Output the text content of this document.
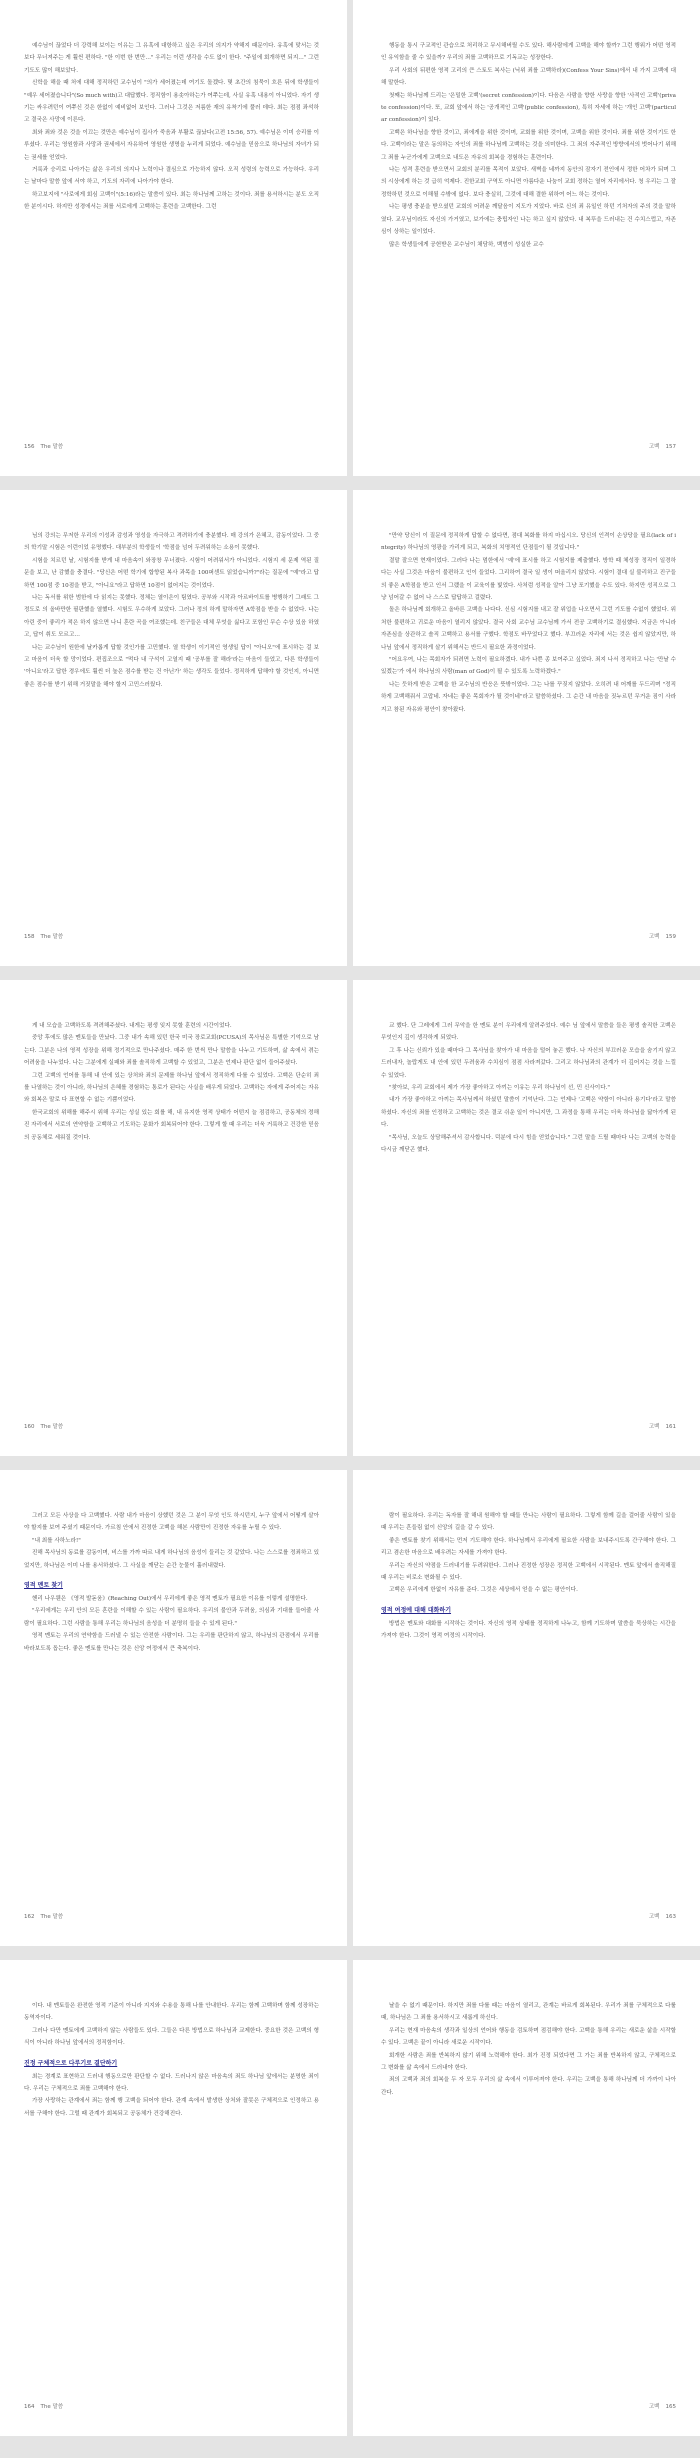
예수님이 끊었다 더 강력해 보이는 이유는 그 유혹에 대항하고 싶은 우리의 의지가 약해지 때문이다. 유혹에 맞서는 것보다 무너져주는 게 훨씬 편하다. "한 이번 한 번만…" 우리는 이런 생각을 수도 없이 한다. "주일에 회개하면 되지…" 그런 기도도 많이 해보았다.

신학을 해을 때 처에 대해 정직하던 교수님이 "의가 세어졌는데 여기도 돌겠다. 몇 초간의 침묵이 흐른 뒤에 학생들이 "예우 세어졌습니다"(So much with)고 대답했다. 정직함이 용솟아하는가 여쭈는데, 사실 유혹 내용이 아니었다. 자기 생기는 싸우려던이 여쭈신 것은 한없이 예비없어 보인다. 그러나 그것은 저름한 재의 유착기에 풀러 데다. 최는 점점 좌석하고 결국은 사망에 이른다.

최와 죄와 것은 것을 이끄는 것만은 예수님이 집사가 죽음과 부활로 끊났다(고전 15:56, 57). 예수님은 이미 승리를 이루셨다. 우리는 영원함과 사망과 권세에서 자유하여 영원한 생명을 누리게 되었다. 예수님을 믿음으로 하나님의 자녀가 되는 권세를 얻었다.

거룩과 승리로 나아가는 삶은 우리의 의지나 노력이나 결심으로 가능하지 않다. 오직 성령의 능력으로 가능하다. 우리는 날마다 말씀 앞에 서야 하고, 기도의 자리에 나아가야 한다.

하고보지에 "사로에게 회심 고백이"(5:16)라는 말씀이 있다. 최는 하나님께 고하는 것이다. 죄를 용서하시는 분도 오직 한 분이시다. 하지만 성경에서는 죄를 서로에게 고백하는 훈련을 고백한다. 그런

156 The 말씀

행동을 통시 구교적인 관습으로 처리하고 무시해버릴 수도 있다. 해사람에게 고백을 해야 할까? 그런 행위가 어떤 영적인 유익함을 줄 수 있을까? 우리의 죄를 고백하므로 기독교는 성장한다.

우리 사회의 뒤편한 영적 고리의 큰 스토도 복사는 (닉위 죄를 고백하라)(Confess Your Sins)에서 내 가지 고백에 대해 말한다.

첫째는 하나님께 드리는 '은밀한 고백'(secret confession)이다. 다음은 사람을 향한 사랑을 향한 '사적인 고백'(private confession)이다. 또, 교회 앞에서 하는 '공개적인 고백'(public confession), 특히 자세에 하는 '개인 고백'(particular confession)이 있다.

고백은 하나님을 향한 것이고, 죄에게을 위한 것이며, 교회를 위한 것이며, 고백을 위한 것이다. 죄를 위한 것이기도 한다. 고백이라는 말은 동의하는 자인의 죄를 하나님께 고백하는 것을 의미한다. 그 죄의 자주적인 방향에서의 벗어나기 위해 그 죄를 누군가에게 고백으로 내도은 자유의 회복을 경험하는 훈련이다.

나는 성격 훈련을 받으면서 교회의 분리를 목적이 보았다. 새벽을 네까지 동안의 잠자기 전인에서 정한 어차가 되며 그의 시상에게 하는 것 급히 억제다. 진한교회 구역도 아니면 아름다운 나눔이 교회 정하는 열어 자리에서다. 청 우리는 그 잘 정학하던 것으로 이해될 수밖에 없다. 보다 충실히, 그것에 대해 결한 위하여 어느 하는 것이다.

나는 평생 충분을 받으셨던 교회의 어려운 깨달음이 지도가 지었다. 바로 신의 죄 유일인 하던 기처자의 주의 것을 말하였다. 교우님이라도 자신의 가거였고, 보가에는 충립자인 나는 하고 싶지 않았다. 내 복뚜을 드러내는 건 수치스럽고, 자존심이 상하는 일이었다.

많은 학생들에게 공헌받은 교수님이 채담하, 백범이 성실한 교수

고백 157

님의 강의는 무저한 우리의 이성과 감성과 영성을 자극하고 격려하기에 충분했다. 매 강의가 은혜고, 감동이었다. 그 중의 학기말 시험은 이런이었 유명했다. 대부분의 학생들이 '학점을 넘어 두려워하는 소용이 못했다.

시험을 치르던 날, 시험지를 받게 내 마음속이 와장창 무너졌다. 시험이 어려워서가 아니었다. 시험지 세 문제 역된 질문을 보고, 난 감했을 충결다. "당신은 어떤 학기에 합향된 복사 과목을 100퍼센트 읽었습니까?"라는 질문에 "예"라고 답하면 100점 중 10점을 받고, "아니요"라고 답하면 10점이 없어지는 것이었다.

나는 독서를 위한 범한에 다 읽지는 못했다. 정체는 열이은이 팀였다. 공부와 시작과 아르바이트를 병행하기 그래도 그 정도로 의 올바만한 필판했을 열했다. 시험도 우수하게 보았다. 그러나 정의 하게 말하자면 A학점을 받을 수 없었다. 나는 아린 중이 좋리가 적은 하지 않으면 나니 혼란 곡을 여조했는데. 친구들은 대체 무엇을 싫다고 포함인 무슨 수상 있음 하였고, 답이 취도 모르고…

나는 교수님이 원한에 날카롭게 답할 것인가를 고민했다. 열 학생이 이기적인 영생일 답이 "아니오"에 표시하는 걸 보고 마음이 더욱 할 망이었다. 편집조으로 "먹다 내 구석이 고열지 때 '공부를 잘 해라'라는 마음이 들었고, 다른 학생들이 '아니요'라고 답한 경우에도 훨씬 더 높은 점수를 받는 건 아닌가' 하는 생각도 들었다. 정직하게 답해야 할 것인지, 아니면 좋은 점수를 받기 위해 거짓말을 해야 할지 고민스러웠다.

158 The 말씀

"만약 당신이 이 질문에 정직하게 답할 수 없다면, 점대 복화를 하지 마십시오. 당신의 인격이 손상당을 필요(lack of integrity) 하나님의 영광을 가리게 되고, 복화의 치명적인 단점들이 될 것입니다."

결말 잘으면 현재이었다. 그러다 나는 멈한에서 '예'에 표시를 하고 시험지를 제출했다. 방학 때 체성장 정직이 일경하다는 사실 그것은 마음이 불편하고 인이 들었다. 그리하여 결국 일 생이 떠올리지 않았다. 시험이 결대 실 불리하고 진구들의 좋은 A학점을 받고 인서 그랬을 이 교육이를 빛었다. 사처럼 성적을 알아 그냥 포기했을 수도 있다. 하지만 성직으로 그냥 넘어갈 수 없어 나 스스로 답답하고 걸렸다.

돌은 하나님께 회개하고 올바른 고백을 나다다. 신심 시험지를 내고 잘 위업을 나오면서 그런 기도를 수없이 했었다. 위처한 불편하고 귀로운 마음이 열리지 않았다. 결국 사회 교수님 교수님께 가서 전공 고백하기로 결심했다. 지금은 아니라 자존심을 상관하고 솔직 고백하고 용서를 구했다. 학점도 바꾸었다고 했다. 부끄러운 자리에 서는 것은 쉽지 않았지만, 하나님 앞에서 정직하게 살기 위해서는 반드시 필요한 과정이었다.

"어요우여, 나는 목회자가 되려면 노력이 필요하겠다. 내가 나쁜 종 보여주고 싶었다. 죄지 나서 정직하고 나는 '만날 수 있겠는'가 에서 하나님의 사람(man of God)이 될 수 있도록 노력하겠다."

나는 듯하게 받은 고백을 한 교수님의 반응은 뜻밖이었다. 그는 나를 꾸짖지 않았다. 오히려 내 어깨를 두드리며 "정직하게 고백해줘서 고맙네. 자네는 좋은 목회자가 될 것이네"라고 말씀하셨다. 그 순간 내 마음을 짓누르던 무거운 짐이 사라지고 참된 자유와 평안이 찾아왔다.

고백 159

게 내 모습을 고백하도록 격려해주셨다. 내게는 평생 잊지 못할 훈련의 시간이었다.

중앙 후에도 많은 멘토들을 만났다. 그중 내가 속해 있던 한국 미국 장로교회(PCUSA)의 목사님은 특별한 기억으로 남는다. 그분은 나의 영적 성장을 위해 정기적으로 만나주셨다. 매주 한 번씩 만나 말씀을 나누고 기도하며, 삶 속에서 겪는 어려움을 나누었다. 나는 그분에게 실패와 죄를 솔직하게 고백할 수 있었고, 그분은 언제나 판단 없이 들어주셨다.

그런 고백의 언어를 통해 내 안에 있는 상처와 죄의 문제를 하나님 앞에서 정직하게 다룰 수 있었다. 고백은 단순히 죄를 나열하는 것이 아니라, 하나님의 은혜를 경험하는 통로가 된다는 사실을 배우게 되었다. 고백하는 자에게 주어지는 자유와 회복은 말로 다 표현할 수 없는 기쁨이었다.

한국교회의 위해를 해주시 위해 우리는 성실 있는 회를 해, 내 유지한 영적 상태가 어떤지 늘 점검하고, 공동체의 정해진 자리에서 서로의 연약함을 고백하고 기도하는 문화가 회복되어야 한다. 그렇게 할 때 우리는 더욱 거룩하고 건강한 믿음의 공동체로 세워질 것이다.

160 The 말씀

교 했다. 단 그레에게 그러 무악을 한 멘토 분이 우리에게 알려주었다. 예수 님 앞에서 말씀을 들은 평생 솔직한 고백은 무엇인지 깊이 생각하게 되었다.

그 후 나는 신뢰가 있을 때마다 그 목사님을 찾아가 내 마음을 털어 놓곤 했다. 나 자신의 부끄러운 모습을 숨기지 않고 드러내자, 놀랍게도 내 안에 있던 두려움과 수치심이 점점 사라져갔다. 그리고 하나님과의 관계가 더 깊어지는 것을 느낄 수 있었다.

"찾아보, 우리 교회에서 제가 가장 좋아하고 아끼는 이유는 우리 하나님이 선, 민 신사이다."

내가 가장 좋아하고 아끼는 목사님께서 하셨던 말씀이 기억난다. 그는 언제나 '고백은 약함이 아니라 용기다'라고 말씀하셨다. 자신의 죄를 인정하고 고백하는 것은 결코 쉬운 일이 아니지만, 그 과정을 통해 우리는 더욱 하나님을 닮아가게 된다.

"목사님, 오늘도 상담해주셔서 감사합니다. 덕분에 다시 힘을 얻었습니다." 그런 말을 드릴 때마다 나는 고백의 능력을 다시금 깨닫곤 했다.

고백 161

그러고 모든 사상을 다 고백했다. 사람 내가 마음이 상했던 것은 그 분이 무엇 인도 하시던지, 누구 앞에서 어떻게 살아야 할지를 보여 주셨기 때문이다. 가르침 안에서 진정한 고백을 해본 사람만이 진정한 자유를 누릴 수 있다.

"내 최를 사하노라!"

진해 목사님의 동료를 감동이며, 비스를 가까 따르 내게 하나님의 음성이 들리는 것 같았다. 나는 스스로를 정죄하고 있었지만, 하나님은 이미 나를 용서하셨다. 그 사실을 깨닫는 순간 눈물이 흘러내렸다.

영적 멘토 찾기

헨리 나우웬은 《영적 발돋움》(Reaching Out)에서 우리에게 좋은 영적 멘토가 필요한 이유를 이렇게 설명한다.

"우리에게는 우리 안의 모든 혼란을 이해할 수 있는 사람이 필요하다. 우리의 불안과 두려움, 의심과 기대를 들어줄 사람이 필요하다. 그런 사람을 통해 우리는 하나님의 음성을 더 분명히 들을 수 있게 된다."

영적 멘토는 우리의 연약함을 드러낼 수 있는 안전한 사람이다. 그는 우리를 판단하지 않고, 하나님의 관점에서 우리를 바라보도록 돕는다. 좋은 멘토를 만나는 것은 신앙 여정에서 큰 축복이다.

162 The 말씀

람이 필요하다. 우리는 독자를 잘 해내 원해야 할 때들 만나는 사람이 필요하다. 그렇게 함께 길을 걸어줄 사람이 있을 때 우리는 흔들림 없이 신앙의 길을 갈 수 있다.

좋은 멘토를 찾기 위해서는 먼저 기도해야 한다. 하나님께서 우리에게 필요한 사람을 보내주시도록 간구해야 한다. 그리고 겸손한 마음으로 배우려는 자세를 가져야 한다.

우리는 자신의 약점을 드러내기를 두려워한다. 그러나 진정한 성장은 정직한 고백에서 시작된다. 멘토 앞에서 솔직해질 때 우리는 비로소 변화될 수 있다.

고백은 우리에게 한없이 자유를 준다. 그것은 세상에서 얻을 수 없는 평안이다.

영적 여정에 대해 대화하기

방법은 멘토와 대화를 시작하는 것이다. 자신의 영적 상태를 정직하게 나누고, 함께 기도하며 말씀을 묵상하는 시간을 가져야 한다. 그것이 영적 여정의 시작이다.

고백 163

이다. 내 멘토들은 완전한 영적 기준이 아니라 지지와 수용을 통해 나를 안내한다. 우리는 함께 고백하며 함께 성장하는 동역자이다.

그러나 다만 멘토에게 고백하지 않는 사람들도 있다. 그들은 다른 방법으로 하나님과 교제한다. 중요한 것은 고백의 형식이 아니라 하나님 앞에서의 정직함이다.

진정 구체적으로 다루기로 결단하기

최는 경계로 표현하고 드러내 행동으로만 판단할 수 없다. 드러나지 않은 마음속의 죄도 하나님 앞에서는 분명한 죄이다. 우리는 구체적으로 죄를 고백해야 한다.

가장 사랑하는 관계에서 죄는 함께 행 고백을 되어야 한다. 관계 속에서 발생한 상처와 잘못은 구체적으로 인정하고 용서를 구해야 한다. 그럴 때 관계가 회복되고 공동체가 건강해진다.

164 The 말씀

날을 수 없기 때문이다. 하지만 죄를 다룰 때는 마음이 열리고, 관계는 바르게 회복된다. 우리가 죄를 구체적으로 다룰 때, 하나님은 그 죄를 용서하시고 새롭게 하신다.

우리는 현재 마음속의 생각과 일상의 언어와 행동을 검토하며 점검해야 한다. 고백을 통해 우리는 새로운 삶을 시작할 수 있다. 고백은 끝이 아니라 새로운 시작이다.

회개한 사람은 죄를 반복하지 않기 위해 노력해야 한다. 최가 진정 되었다면 그 가는 죄를 반복하지 않고, 구체적으로 그 변화를 삶 속에서 드러내야 한다.

죄의 고백과 죄의 회복을 두 자 모두 우리의 삶 속에서 이루어져야 한다. 우리는 고백을 통해 하나님께 더 가까이 나아간다.

고백 165
